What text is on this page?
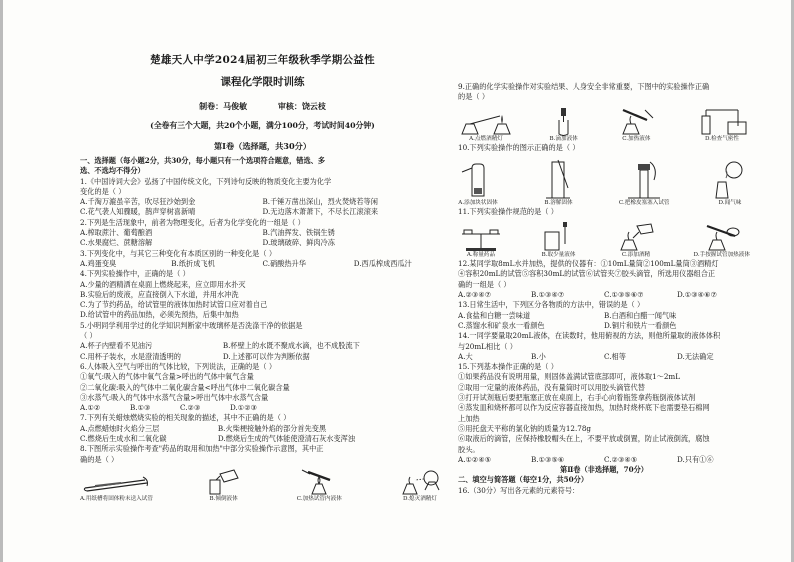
楚雄天人中学2024届初三年级秋季学期公益性
课程化学限时训练
制卷：马俊敏	审核：饶云枝
(全卷有三个大题，共20个小题，满分100分，考试时间40分钟)
第Ⅰ卷（选择题，共30分）
一、选择题（每小题2分，共30分，每小题只有一个选项符合题意，错选、多
选、不选均不得分）
1.《中国诗词大会》弘扬了中国传统文化，下列诗句反映的物质变化主要为化学
变化的是（ ）
A.千淘万漉虽辛苦，吹尽狂沙始到金	B.千锤万凿出深山，烈火焚烧若等闲
C.花气袭人知骤暖，鹊声穿树喜新晴	D.无边落木萧萧下，不尽长江滚滚来
2.下列是生活现象中，前者为物理变化，后者为化学变化的一组是（ ）
A.榨取蔗汁、葡萄酿酒	B.汽油挥发、铁锅生锈
C.水果腐烂、蔗糖溶解	D.玻璃破碎、鲜肉冷冻
3.下列变化中，与其它三种变化有本质区别的一种变化是（ ）
A.鸡蛋变臭	B.纸折成飞机	C.硝酸热升华	D.西瓜榨成西瓜汁
4.下列实验操作中，正确的是（ ）
A.少量的酒精洒在桌面上燃烧起来，应立即用水扑灭
B.实验后的废液，应直接倒入下水道，并用水冲洗
C.为了节约药品，给试管里的液体加热时试管口应对着自己
D.给试管中的药品加热，必须先预热，后集中加热
5.小明同学利用学过的化学知识判断家中玻璃杯是否洗涤干净的依据是
（ ）
A.杯子内壁看不见油污	B.杯壁上的水既不聚成水滴，也不成股流下
C.用杯子装水，水是澄清透明的	D.上述都可以作为判断依据
6.人体吸入空气与呼出的气体比较，下列说法，正确的是（ ）
①氧气:吸入的气体中氧气含量>呼出的气体中氧气含量
②二氧化碳:吸入的气体中二氧化碳含量<呼出气体中二氧化碳含量
③水蒸气:吸入的气体中水蒸气含量>呼出气体中水蒸气含量
A.①②	B.①③	C.②③	D.①②③
7.下列有关蜡烛燃烧实验的相关现象的描述，其中不正确的是（ ）
A.点燃蜡烛时火焰分三层	B.火柴梗接触外焰的部分首先变黑
C.燃烧后生成水和二氧化碳	D.燃烧后生成的气体能使澄清石灰水变浑浊
8.下图所示实验操作考查"药品的取用和加热"中部分实验操作示意图，其中正
确的是（ ）
A.用纸槽将固体粉末送入试管	B.倾倒液体	C.加热试管内液体	D.熄灭酒精灯
9.正确的化学实验操作对实验结果、人身安全非常重要，下图中的实验操作正确
的是（ ）
A.点燃酒精灯	B.滴加液体	C.加热液体	D.检查气密性
10.下列实验操作的图示正确的是（ ）
A.添加块状固体	B.溶解固体	C.把橡皮塞塞入试管	D.闻气味
11.下列实验操作规范的是（ ）
A.称量药品	B.取少量液体	C.添加酒精	D.手按握试管加热液体
12.某同学取8mL水并加热，提供的仪器有：①10mL量筒②100mL量筒③酒精灯
④容积20mL的试管⑤容积30mL的试管⑥试管夹⑦胶头滴管，所选用仪器组合正
确的一组是（ ）
A.②③④⑦	B.①③④⑦	C.①③⑤⑥⑦	D.①③④⑥⑦
13.日常生活中，下列区分各物质的方法中，错误的是（ ）
A.食盐和白糖一尝味道	B.白酒和白醋一闻气味
C.蒸馏水和矿泉水一看颜色	D.铜片和铁片一看颜色
14.一同学要量取20mL液体，在读数时，他用俯视的方法，则他所量取的液体体积
与20mL相比（ ）
A.大	B.小	C.相等	D.无法确定
15.下列基本操作正确的是（ ）
①如果药品没有说明用量，则固体盖满试管底部即可，液体取1～2mL
②取用一定量的液体药品，没有量筒时可以用胶头滴管代替
③打开试剂瓶后要把瓶塞正放在桌面上，右手心向着瓶签拿药瓶倒液体试剂
④蒸发皿和烧杯都可以作为反应容器直接加热，加热时烧杯底下也需要垫石棉网
上加热
⑤用托盘天平称的氯化钠的质量为12.78g
⑥取液后的滴管，应保持橡胶帽头在上，不要平放或倒置，防止试液倒流，腐蚀
胶头。
A.①②④⑤	B.①③⑤⑥	C.②③④⑤	D.只有①⑥
第Ⅱ卷（非选择题，70分）
二、填空与简答题（每空1分，共50分）
16.（30分）写出各元素的元素符号：
